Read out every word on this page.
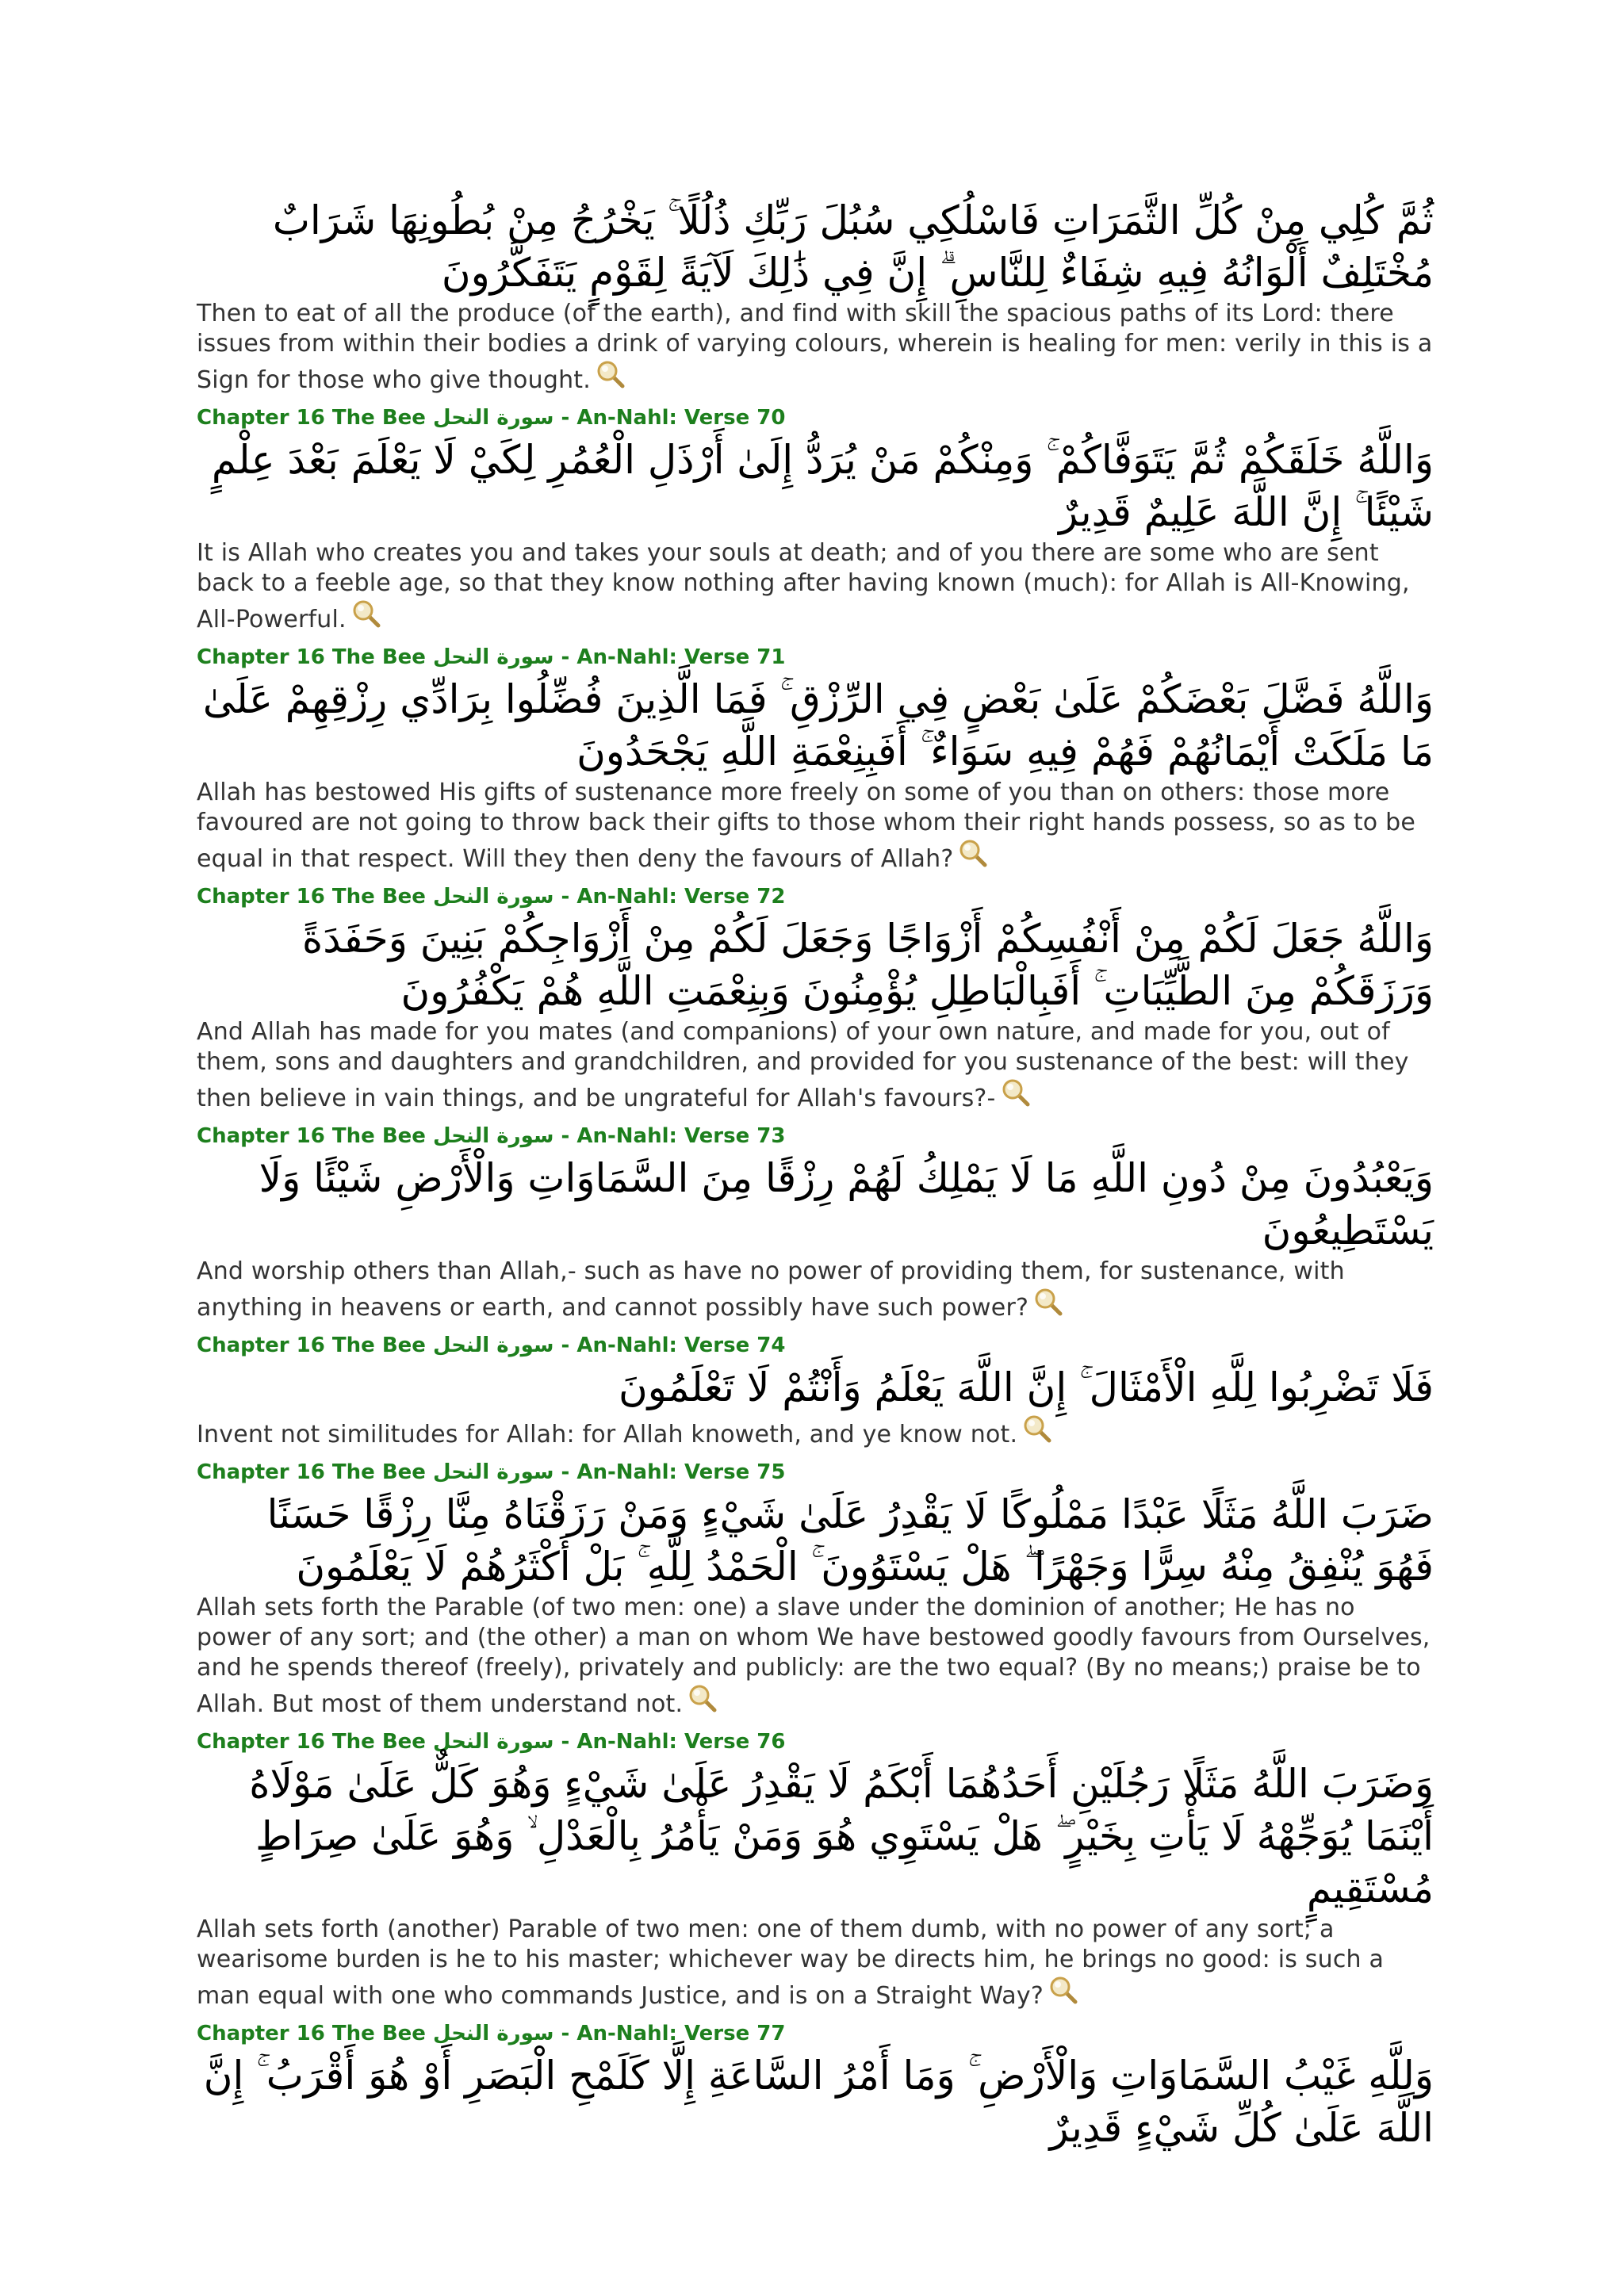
ثُمَّ كُلِي مِنْ كُلِّ الثَّمَرَاتِ فَاسْلُكِي سُبُلَ رَبِّكِ ذُلُلًا ۚ يَخْرُجُ مِنْ بُطُونِهَا شَرَابٌ مُخْتَلِفٌ أَلْوَانُهُ فِيهِ شِفَاءٌ لِلنَّاسِ ۗ إِنَّ فِي ذَٰلِكَ لَآيَةً لِقَوْمٍ يَتَفَكَّرُونَ
Then to eat of all the produce (of the earth), and find with skill the spacious paths of its Lord: there issues from within their bodies a drink of varying colours, wherein is healing for men: verily in this is a Sign for those who give thought.
Chapter 16 The Bee سورة النحل - An-Nahl: Verse 70
وَاللَّهُ خَلَقَكُمْ ثُمَّ يَتَوَفَّاكُمْ ۚ وَمِنْكُمْ مَنْ يُرَدُّ إِلَىٰ أَرْذَلِ الْعُمُرِ لِكَيْ لَا يَعْلَمَ بَعْدَ عِلْمٍ شَيْئًا ۚ إِنَّ اللَّهَ عَلِيمٌ قَدِيرٌ
It is Allah who creates you and takes your souls at death; and of you there are some who are sent back to a feeble age, so that they know nothing after having known (much): for Allah is All-Knowing, All-Powerful.
Chapter 16 The Bee سورة النحل - An-Nahl: Verse 71
وَاللَّهُ فَضَّلَ بَعْضَكُمْ عَلَىٰ بَعْضٍ فِي الرِّزْقِ ۚ فَمَا الَّذِينَ فُضِّلُوا بِرَادِّي رِزْقِهِمْ عَلَىٰ مَا مَلَكَتْ أَيْمَانُهُمْ فَهُمْ فِيهِ سَوَاءٌ ۚ أَفَبِنِعْمَةِ اللَّهِ يَجْحَدُونَ
Allah has bestowed His gifts of sustenance more freely on some of you than on others: those more favoured are not going to throw back their gifts to those whom their right hands possess, so as to be equal in that respect. Will they then deny the favours of Allah?
Chapter 16 The Bee سورة النحل - An-Nahl: Verse 72
وَاللَّهُ جَعَلَ لَكُمْ مِنْ أَنْفُسِكُمْ أَزْوَاجًا وَجَعَلَ لَكُمْ مِنْ أَزْوَاجِكُمْ بَنِينَ وَحَفَدَةً وَرَزَقَكُمْ مِنَ الطَّيِّبَاتِ ۚ أَفَبِالْبَاطِلِ يُؤْمِنُونَ وَبِنِعْمَتِ اللَّهِ هُمْ يَكْفُرُونَ
And Allah has made for you mates (and companions) of your own nature, and made for you, out of them, sons and daughters and grandchildren, and provided for you sustenance of the best: will they then believe in vain things, and be ungrateful for Allah's favours?-
Chapter 16 The Bee سورة النحل - An-Nahl: Verse 73
وَيَعْبُدُونَ مِنْ دُونِ اللَّهِ مَا لَا يَمْلِكُ لَهُمْ رِزْقًا مِنَ السَّمَاوَاتِ وَالْأَرْضِ شَيْئًا وَلَا يَسْتَطِيعُونَ
And worship others than Allah,- such as have no power of providing them, for sustenance, with anything in heavens or earth, and cannot possibly have such power?
Chapter 16 The Bee سورة النحل - An-Nahl: Verse 74
فَلَا تَضْرِبُوا لِلَّهِ الْأَمْثَالَ ۚ إِنَّ اللَّهَ يَعْلَمُ وَأَنْتُمْ لَا تَعْلَمُونَ
Invent not similitudes for Allah: for Allah knoweth, and ye know not.
Chapter 16 The Bee سورة النحل - An-Nahl: Verse 75
ضَرَبَ اللَّهُ مَثَلًا عَبْدًا مَمْلُوكًا لَا يَقْدِرُ عَلَىٰ شَيْءٍ وَمَنْ رَزَقْنَاهُ مِنَّا رِزْقًا حَسَنًا فَهُوَ يُنْفِقُ مِنْهُ سِرًّا وَجَهْرًا ۖ هَلْ يَسْتَوُونَ ۚ الْحَمْدُ لِلَّهِ ۚ بَلْ أَكْثَرُهُمْ لَا يَعْلَمُونَ
Allah sets forth the Parable (of two men: one) a slave under the dominion of another; He has no power of any sort; and (the other) a man on whom We have bestowed goodly favours from Ourselves, and he spends thereof (freely), privately and publicly: are the two equal? (By no means;) praise be to Allah. But most of them understand not.
Chapter 16 The Bee سورة النحل - An-Nahl: Verse 76
وَضَرَبَ اللَّهُ مَثَلًا رَجُلَيْنِ أَحَدُهُمَا أَبْكَمُ لَا يَقْدِرُ عَلَىٰ شَيْءٍ وَهُوَ كَلٌّ عَلَىٰ مَوْلَاهُ أَيْنَمَا يُوَجِّهْهُ لَا يَأْتِ بِخَيْرٍ ۖ هَلْ يَسْتَوِي هُوَ وَمَنْ يَأْمُرُ بِالْعَدْلِ ۙ وَهُوَ عَلَىٰ صِرَاطٍ مُسْتَقِيمٍ
Allah sets forth (another) Parable of two men: one of them dumb, with no power of any sort; a wearisome burden is he to his master; whichever way be directs him, he brings no good: is such a man equal with one who commands Justice, and is on a Straight Way?
Chapter 16 The Bee سورة النحل - An-Nahl: Verse 77
وَلِلَّهِ غَيْبُ السَّمَاوَاتِ وَالْأَرْضِ ۚ وَمَا أَمْرُ السَّاعَةِ إِلَّا كَلَمْحِ الْبَصَرِ أَوْ هُوَ أَقْرَبُ ۚ إِنَّ اللَّهَ عَلَىٰ كُلِّ شَيْءٍ قَدِيرٌ
